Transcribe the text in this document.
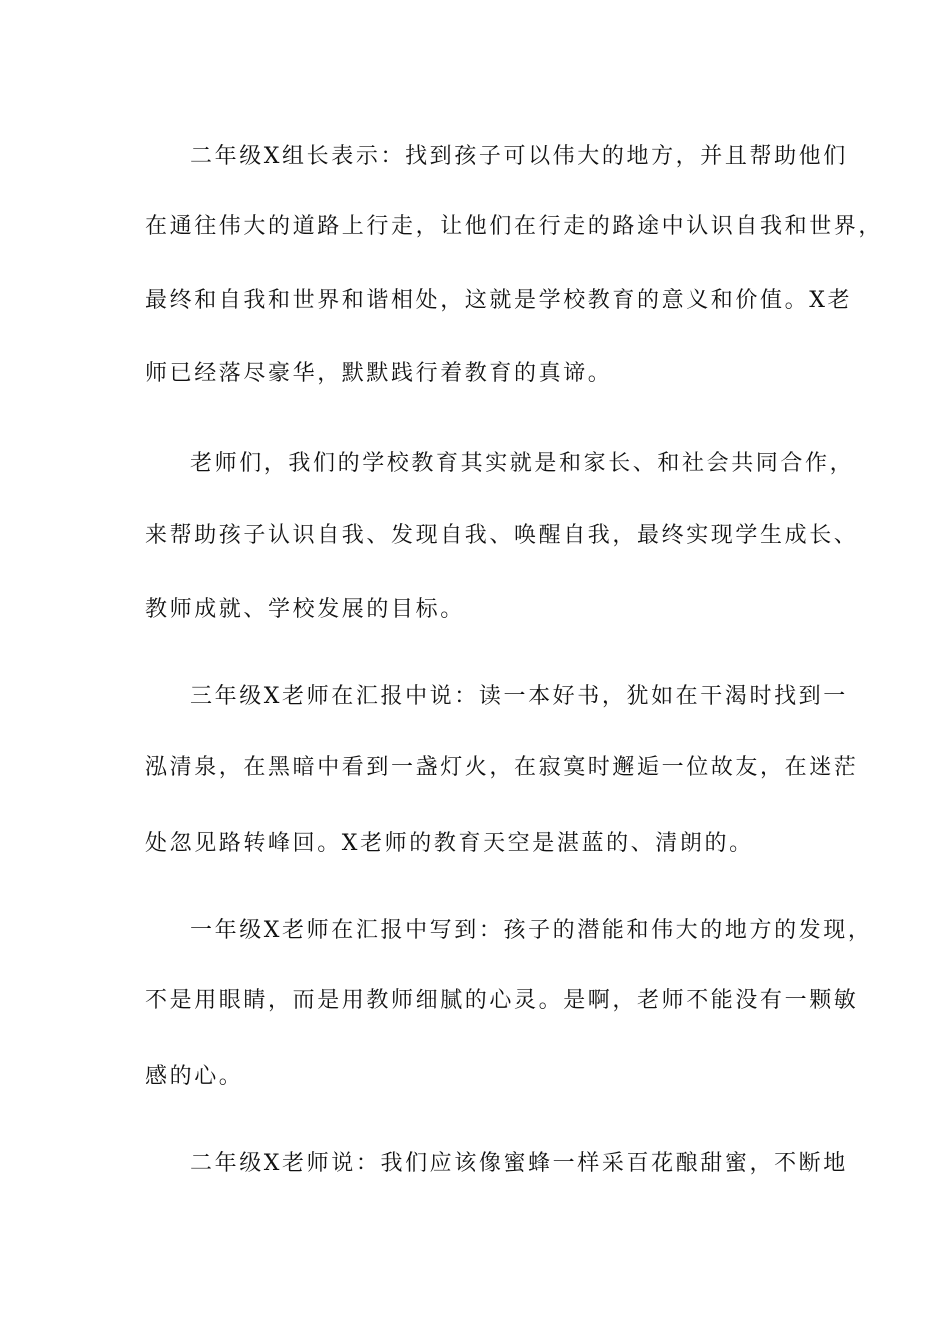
二年级X组长表示：找到孩子可以伟大的地方，并且帮助他们

在通往伟大的道路上行走，让他们在行走的路途中认识自我和世界，

最终和自我和世界和谐相处，这就是学校教育的意义和价值。X老

师已经落尽豪华，默默践行着教育的真谛。

老师们，我们的学校教育其实就是和家长、和社会共同合作，

来帮助孩子认识自我、发现自我、唤醒自我，最终实现学生成长、

教师成就、学校发展的目标。

三年级X老师在汇报中说：读一本好书，犹如在干渴时找到一

泓清泉，在黑暗中看到一盏灯火，在寂寞时邂逅一位故友，在迷茫

处忽见路转峰回。X老师的教育天空是湛蓝的、清朗的。

一年级X老师在汇报中写到：孩子的潜能和伟大的地方的发现，

不是用眼睛，而是用教师细腻的心灵。是啊，老师不能没有一颗敏

感的心。

二年级X老师说：我们应该像蜜蜂一样采百花酿甜蜜，不断地
